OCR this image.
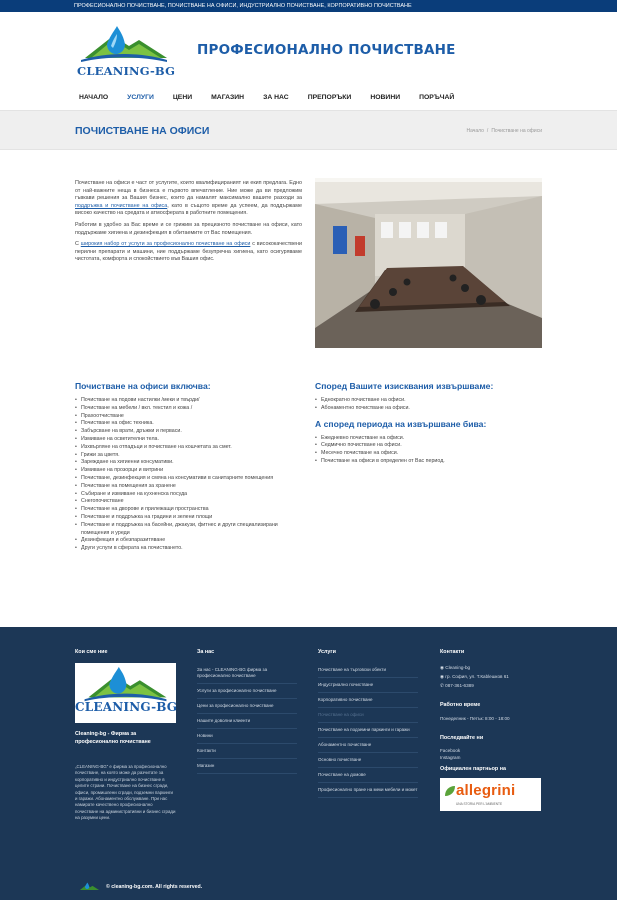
ПРОФЕСИОНАЛНО ПОЧИСТВАНЕ, ПОЧИСТВАНЕ НА ОФИСИ, ИНДУСТРИАЛНО ПОЧИСТВАНЕ, КОРПОРАТИВНО ПОЧИСТВАНЕ
CLEANING-BG
ПРОФЕСИОНАЛНО ПОЧИСТВАНЕ
НАЧАЛО	УСЛУГИ	ЦЕНИ	МАГАЗИН	ЗА НАС	ПРЕПОРЪКИ	НОВИНИ	ПОРЪЧАЙ
ПОЧИСТВАНЕ НА ОФИСИ	Начало / Почистване на офиси

Почистване на офиси е част от услугите, които квалифицираният ни екип предлага. Едно от най-важните неща в бизнеса е първото впечатление. Ние може да ви предложим гъвкави решения за Вашия бизнес, които да намалят максимално вашите разходи за поддръжка и почистване на офиса, като в същото време да успеем, да поддържаме високо качество на средата и атмосферата в работните помещения.

Работим в удобно за Вас време и се грижим за прецизното почистване на офиси, като поддържаме хигиена и дезинфекция в обитаемите от Вас помещения.

С широкия набор от услуги за професионално почистване на офиси с висококачествени перилни препарати и машини, ние поддържаме безупречна хигиена, като осигуряваме чистотата, комфорта и спокойствието във Вашия офис.

Почистване на офиси включва:
• Почистване на подови настилки /меки и твърди/
• Почистване на мебели / вкл. текстил и кожа /
• Прахоотчистване
• Почистване на офис техника.
• Забърсване на врати, дръжки и перваси.
• Измиване на осветителни тела.
• Изхвърляне на отпадъци и почистване на кошчетата за смет.
• Грижи за цветя.
• Зареждане на хигиенни консумативи.
• Измиване на прозорци и витрини
• Почистване, дезинфекция и смяна на консумативи в санитарните помещения
• Почистване на помещения за хранене
• Събиране и измиване на кухненска посуда
• Снегопочистване
• Почистване на дворове и прилежащи пространства
• Почистване и поддръжка на градини и зелени площи
• Почистване и поддръжка на басейни, джакузи, фитнес и други специализирани помещения и уреди
• Дезинфекция и обезпаразитяване
• Други услуги в сферата на почистването.
Според Вашите изисквания извършваме:
• Еднократно почистване на офиси.
• Абонаментно почистване на офиси.
А според периода на извършване бива:
• Ежедневно почистване на офиси.
• Седмично почистване на офиси.
• Месечно почистване на офиси.
• Почистване на офиси в определен от Вас период.
Кои сме ние
CLEANING-BG
Cleaning-bg - Фирма за професионално почистване
„CLEANING-BG“ е фирма за професионално почистване, на която може да разчитате за корпоративно и индустриално почистване в целите страни. Почистване на бизнес сгради, офиси, промишлени сгради, подземни паркинги и гаражи. Абонаментно обслужване. При нас намирате качествено професионално почистване на административни и бизнес сгради на разумни цени.
За нас
За нас - CLEANING-BG фирма за професионално почистване
Услуги за професионално почистване
Цени за професионално почистване
Нашите доволни клиенти
Новини
Контакти
Магазин
Услуги
Почистване на търговски обекти
Индустриално почистване
Корпоративно почистване
Почистване на офиси
Почистване на подземни паркинги и гаражи
Абонаментно почистване
Основно почистване
Почистване на домове
Професионално пране на меки мебели и мокет
Контакти
◉ Cleaning-bg
◉ гр. София, ул. Т.Кableшков 61
✆ 087-361-6389
Работно време
Понеделник - Петък: 8:00 - 18:00
Последвайте ни
Facebook
Instagram
Официален партньор на
allegrini
UNA STORIA PER L'AMBIENTE
© cleaning-bg.com. All rights reserved.
